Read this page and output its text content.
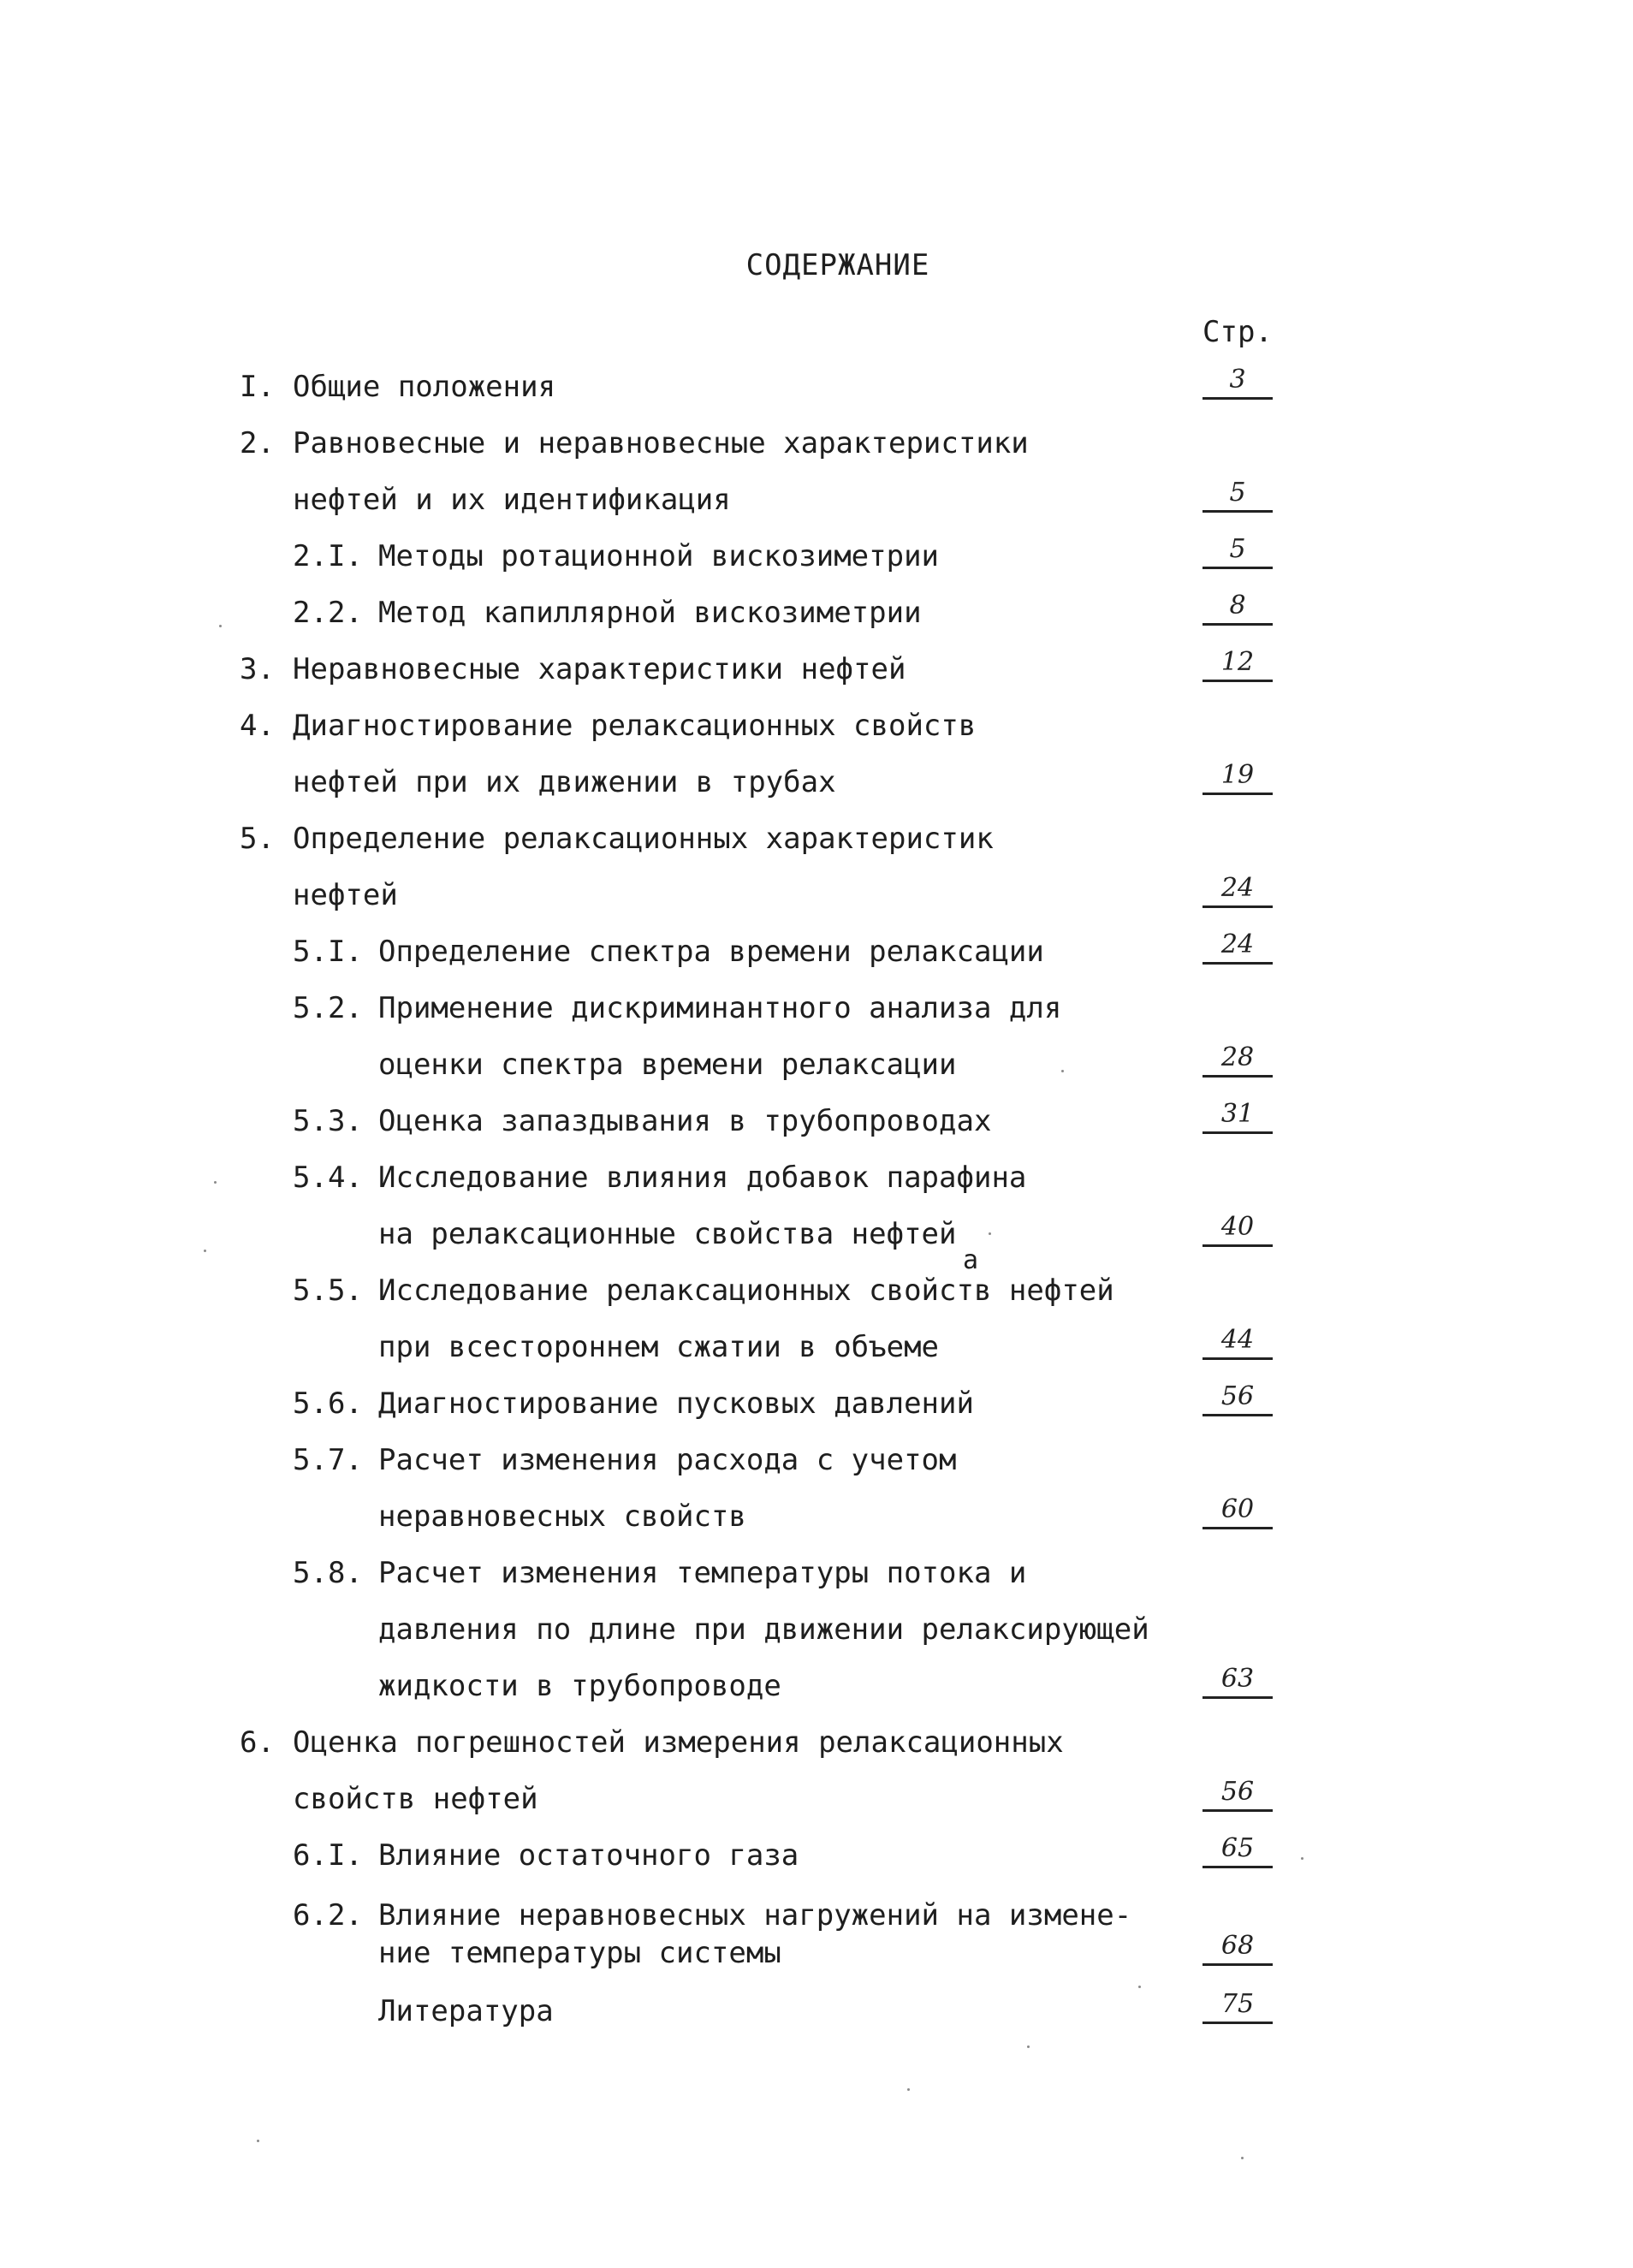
СОДЕРЖАНИЕ
Стр.
I. Общие положения	3
2. Равновесные и неравновесные характеристики
нефтей и их идентификация	5
2.I. Методы ротационной вискозиметрии	5
2.2. Метод капиллярной вискозиметрии	8
3. Неравновесные характеристики нефтей	12
4. Диагностирование релаксационных свойств
нефтей при их движении в трубах	19
5. Определение релаксационных характеристик
нефтей	24
5.I. Определение спектра времени релаксации	24
5.2. Применение дискриминантного анализа для
оценки спектра времени релаксации	28
5.3. Оценка запаздывания в трубопроводах	31
5.4. Исследование влияния добавок парафина
на релаксационные свойства нефтей	40
5.5. Исследование релаксационных свойств нефтей
при всестороннем сжатии в объеме	44
5.6. Диагностирование пусковых давлений	56
5.7. Расчет изменения расхода с учетом
неравновесных свойств	60
5.8. Расчет изменения температуры потока и
давления по длине при движении релаксирующей
жидкости в трубопроводе	63
6. Оценка погрешностей измерения релаксационных
свойств нефтей	56
6.I. Влияние остаточного газа	65
6.2. Влияние неравновесных нагружений на измене-
ние температуры системы	68
Литература	75
а
